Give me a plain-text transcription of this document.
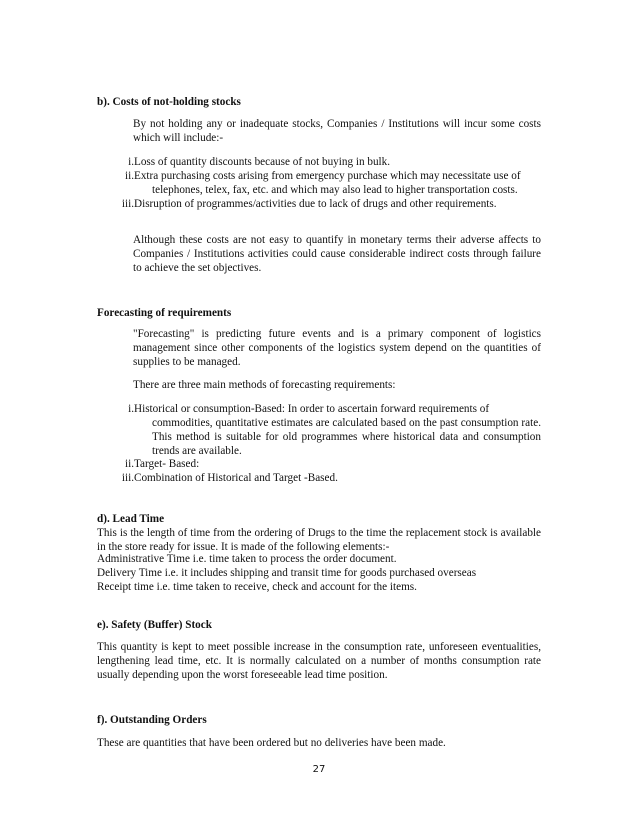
b). Costs of not-holding stocks

By not holding any or inadequate stocks, Companies / Institutions will incur some costs which will include:-

i.Loss of quantity discounts because of not buying in bulk.
ii.Extra purchasing costs arising from emergency purchase which may necessitate use of
telephones, telex, fax, etc. and which may also lead to higher transportation costs.
iii.Disruption of programmes/activities due to lack of drugs and other requirements.

Although these costs are not easy to quantify in monetary terms their adverse affects to Companies / Institutions activities could cause considerable indirect costs through failure to achieve the set objectives.

Forecasting of requirements

"Forecasting" is predicting future events and is a primary component of logistics management since other components of the logistics system depend on the quantities of supplies to be managed.

There are three main methods of forecasting requirements:

i.Historical or consumption-Based: In order to ascertain forward requirements of
commodities, quantitative estimates are calculated based on the past consumption rate. This method is suitable for old programmes where historical data and consumption trends are available.
ii.Target- Based:
iii.Combination of Historical and Target -Based.
d). Lead Time

This is the length of time from the ordering of Drugs to the time the replacement stock is available in the store ready for issue. It is made of the following elements:-

Administrative Time i.e. time taken to process the order document.
Delivery Time i.e. it includes shipping and transit time for goods purchased overseas
Receipt time i.e. time taken to receive, check and account for the items.
e). Safety (Buffer) Stock

This quantity is kept to meet possible increase in the consumption rate, unforeseen eventualities, lengthening lead time, etc. It is normally calculated on a number of months consumption rate usually depending upon the worst foreseeable lead time position.

f). Outstanding Orders
These are quantities that have been ordered but no deliveries have been made.
27
